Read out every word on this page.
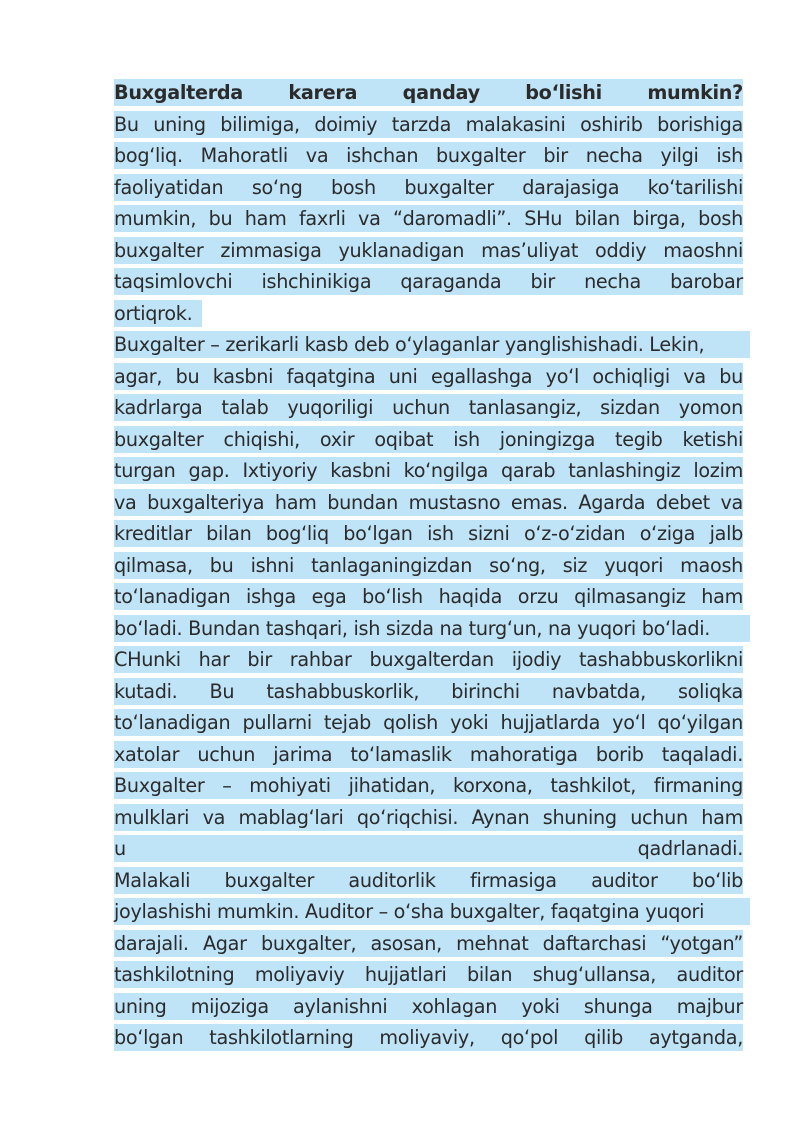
Buxgalterda karera qanday bo‘lishi mumkin?
Bu uning bilimiga, doimiy tarzda malakasini oshirib borishiga
bog‘liq. Mahoratli va ishchan buxgalter bir necha yilgi ish
faoliyatidan so‘ng bosh buxgalter darajasiga ko‘tarilishi
mumkin, bu ham faxrli va “daromadli”. SHu bilan birga, bosh
buxgalter zimmasiga yuklanadigan mas’uliyat oddiy maoshni
taqsimlovchi ishchinikiga qaraganda bir necha barobar
ortiqrok.
Buxgalter – zerikarli kasb deb o‘ylaganlar yanglishishadi. Lekin,
agar, bu kasbni faqatgina uni egallashga yo‘l ochiqligi va bu
kadrlarga talab yuqoriligi uchun tanlasangiz, sizdan yomon
buxgalter chiqishi, oxir oqibat ish joningizga tegib ketishi
turgan gap. Ixtiyoriy kasbni ko‘ngilga qarab tanlashingiz lozim
va buxgalteriya ham bundan mustasno emas. Agarda debet va
kreditlar bilan bog‘liq bo‘lgan ish sizni o‘z-o‘zidan o‘ziga jalb
qilmasa, bu ishni tanlaganingizdan so‘ng, siz yuqori maosh
to‘lanadigan ishga ega bo‘lish haqida orzu qilmasangiz ham
bo‘ladi. Bundan tashqari, ish sizda na turg‘un, na yuqori bo‘ladi.
CHunki har bir rahbar buxgalterdan ijodiy tashabbuskorlikni
kutadi. Bu tashabbuskorlik, birinchi navbatda, soliqka
to‘lanadigan pullarni tejab qolish yoki hujjatlarda yo‘l qo‘yilgan
xatolar uchun jarima to‘lamaslik mahoratiga borib taqaladi.
Buxgalter – mohiyati jihatidan, korxona, tashkilot, firmaning
mulklari va mablag‘lari qo‘riqchisi. Aynan shuning uchun ham
u qadrlanadi.
Malakali buxgalter auditorlik firmasiga auditor bo‘lib
joylashishi mumkin. Auditor – o‘sha buxgalter, faqatgina yuqori
darajali. Agar buxgalter, asosan, mehnat daftarchasi “yotgan”
tashkilotning moliyaviy hujjatlari bilan shug‘ullansa, auditor
uning mijoziga aylanishni xohlagan yoki shunga majbur
bo‘lgan tashkilotlarning moliyaviy, qo‘pol qilib aytganda,
